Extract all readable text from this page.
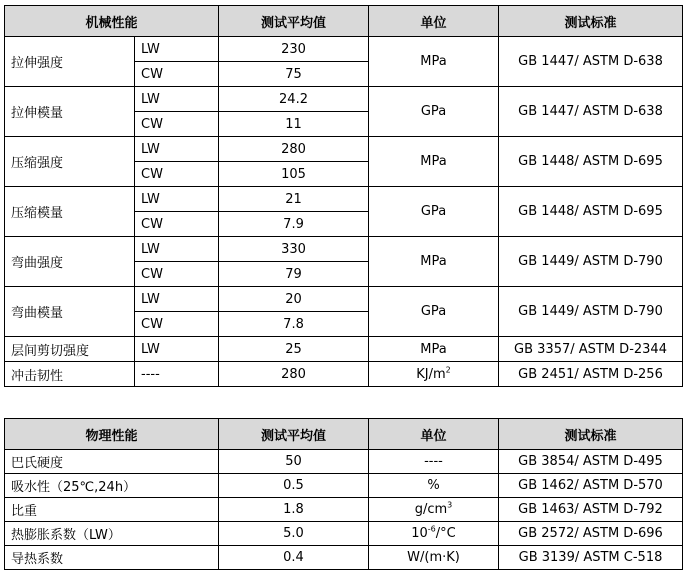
机械性能		测试平均值	单位	测试标准
拉伸强度	LW	230	MPa	GB 1447/ ASTM D-638
	CW	75		
拉伸模量	LW	24.2	GPa	GB 1447/ ASTM D-638
	CW	11		
压缩强度	LW	280	MPa	GB 1448/ ASTM D-695
	CW	105		
压缩模量	LW	21	GPa	GB 1448/ ASTM D-695
	CW	7.9		
弯曲强度	LW	330	MPa	GB 1449/ ASTM D-790
	CW	79		
弯曲模量	LW	20	GPa	GB 1449/ ASTM D-790
	CW	7.8		
层间剪切强度	LW	25	MPa	GB 3357/ ASTM D-2344
冲击韧性	----	280	$KJ/m^2$	GB 2451/ ASTM D-256
物理性能	测试平均值	单位	测试标准
巴氏硬度	50	----	GB 3854/ ASTM D-495
吸水性（25℃,24h）	0.5	%	GB 1462/ ASTM D-570
比重	1.8	$g/cm^3$	GB 1463/ ASTM D-792
热膨胀系数（LW）	5.0	$10^{-6}/^\circ C$	GB 2572/ ASTM D-696
导热系数	0.4	W/(m·K)	GB 3139/ ASTM C-518
